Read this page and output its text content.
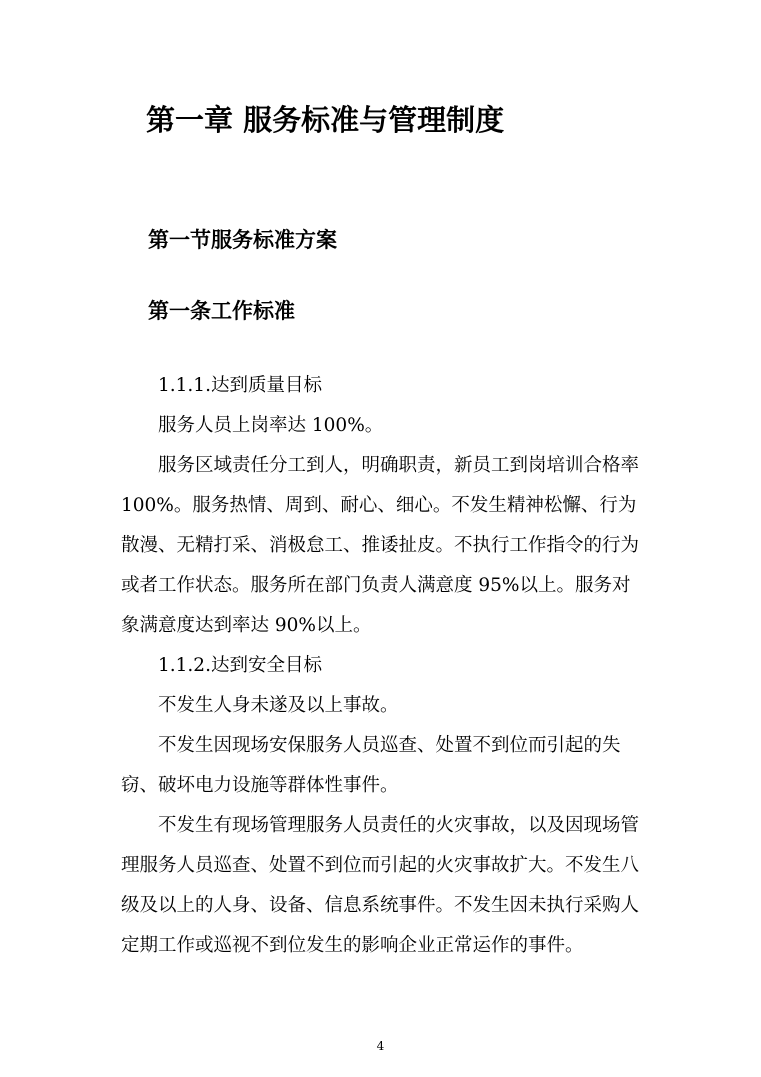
第一章 服务标准与管理制度
第一节服务标准方案
第一条工作标准

1.1.1.达到质量目标

服务人员上岗率达 100%。

服务区域责任分工到人，明确职责，新员工到岗培训合格率 100%。服务热情、周到、耐心、细心。不发生精神松懈、行为散漫、无精打采、消极怠工、推诿扯皮。不执行工作指令的行为或者工作状态。服务所在部门负责人满意度 95%以上。服务对象满意度达到率达 90%以上。

1.1.2.达到安全目标

不发生人身未遂及以上事故。

不发生因现场安保服务人员巡查、处置不到位而引起的失窃、破坏电力设施等群体性事件。

不发生有现场管理服务人员责任的火灾事故，以及因现场管理服务人员巡查、处置不到位而引起的火灾事故扩大。不发生八级及以上的人身、设备、信息系统事件。不发生因未执行采购人定期工作或巡视不到位发生的影响企业正常运作的事件。

4
